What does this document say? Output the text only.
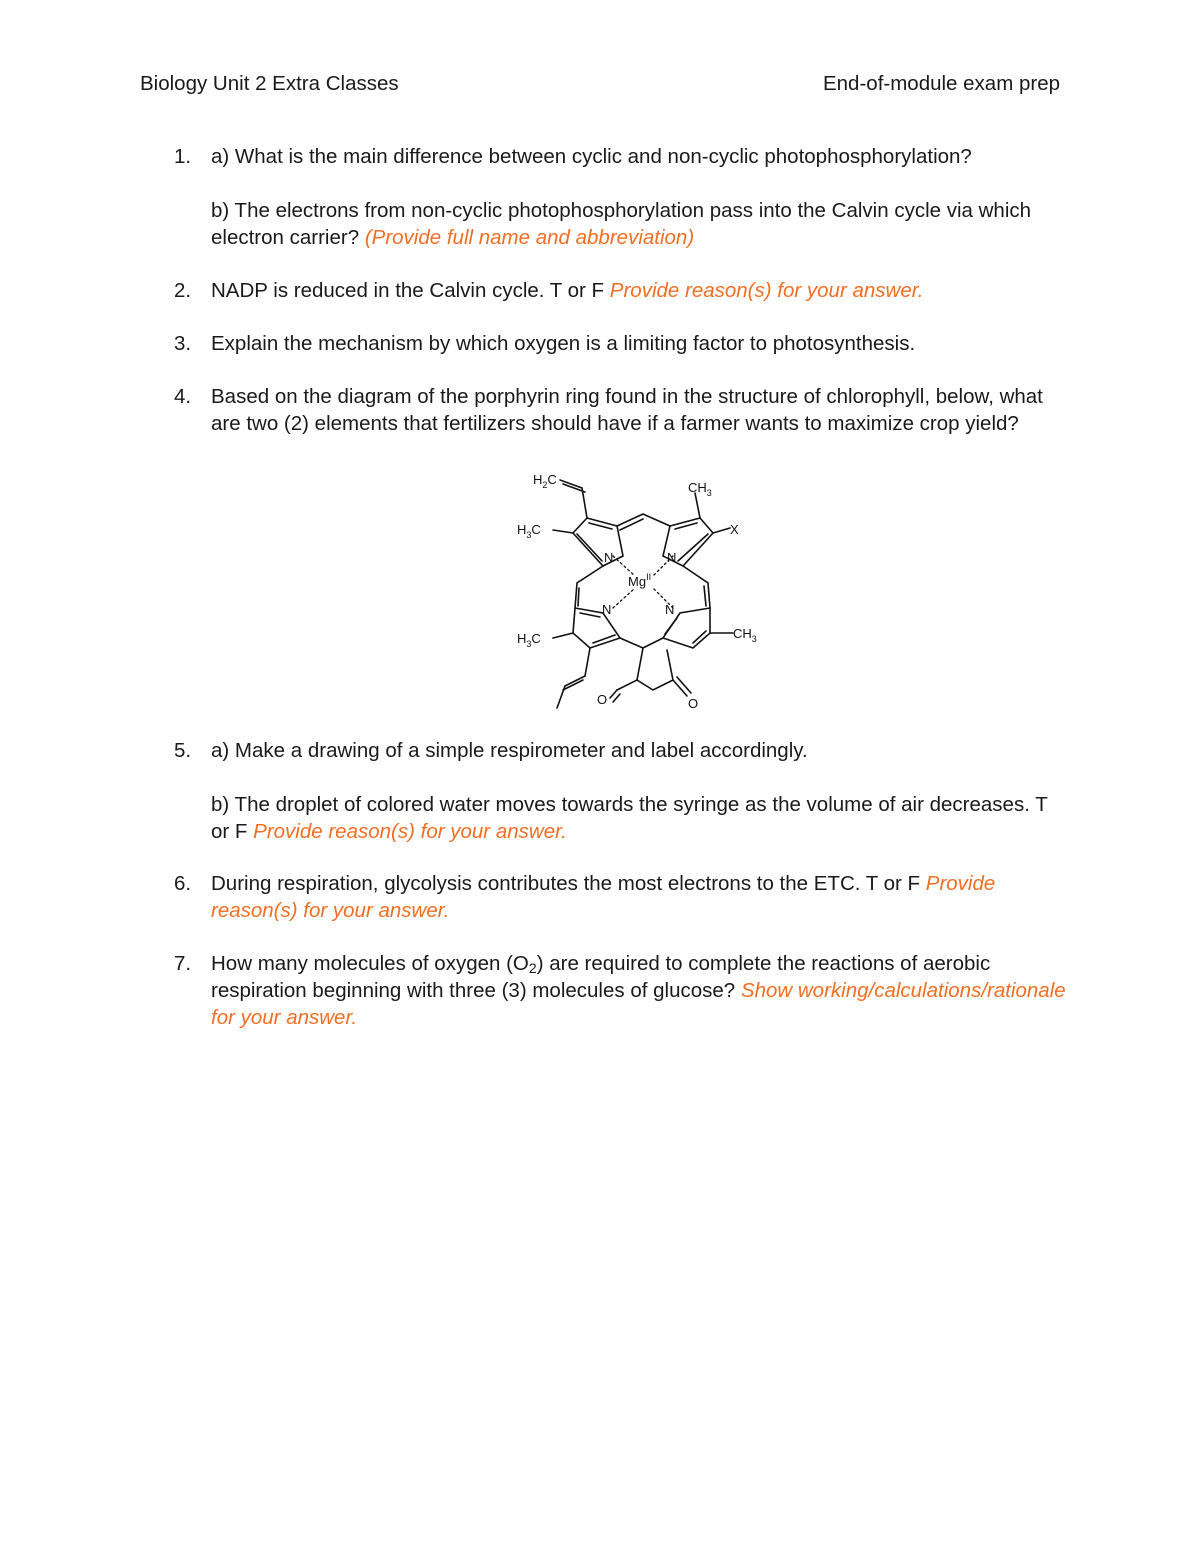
Biology Unit 2 Extra Classes	End-of-module exam prep
1. a) What is the main difference between cyclic and non-cyclic photophosphorylation?

b) The electrons from non-cyclic photophosphorylation pass into the Calvin cycle via which electron carrier? (Provide full name and abbreviation)

2. NADP is reduced in the Calvin cycle. T or F Provide reason(s) for your answer.

3. Explain the mechanism by which oxygen is a limiting factor to photosynthesis.

4. Based on the diagram of the porphyrin ring found in the structure of chlorophyll, below, what are two (2) elements that fertilizers should have if a farmer wants to maximize crop yield?

$H_2C$
$CH_3$
$H_3C$	X
N	N
N	N
$Mg^{II}$
$H_3C$	$CH_3$
O	O
5. a) Make a drawing of a simple respirometer and label accordingly.

b) The droplet of colored water moves towards the syringe as the volume of air decreases. T or F Provide reason(s) for your answer.

6. During respiration, glycolysis contributes the most electrons to the ETC. T or F Provide reason(s) for your answer.

7. How many molecules of oxygen $(O_2)$ are required to complete the reactions of aerobic respiration beginning with three (3) molecules of glucose? Show working/calculations/rationale for your answer.
